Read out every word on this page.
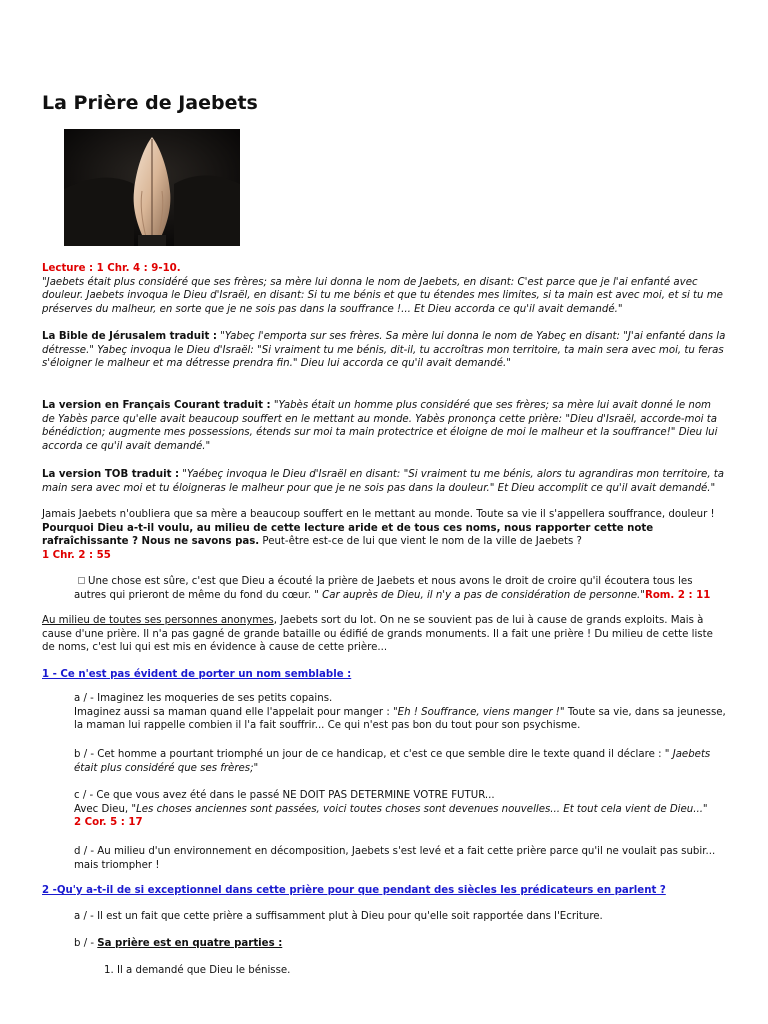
La Prière de Jaebets

Lecture : 1 Chr. 4 : 9-10.
"Jaebets était plus considéré que ses frères; sa mère lui donna le nom de Jaebets, en disant: C'est parce que je l'ai enfanté avec douleur. Jaebets invoqua le Dieu d'Israël, en disant: Si tu me bénis et que tu étendes mes limites, si ta main est avec moi, et si tu me préserves du malheur, en sorte que je ne sois pas dans la souffrance !... Et Dieu accorda ce qu'il avait demandé."

La Bible de Jérusalem traduit : "Yabeç l'emporta sur ses frères. Sa mère lui donna le nom de Yabeç en disant: "J'ai enfanté dans la détresse." Yabeç invoqua le Dieu d'Israël: "Si vraiment tu me bénis, dit-il, tu accroîtras mon territoire, ta main sera avec moi, tu feras s'éloigner le malheur et ma détresse prendra fin." Dieu lui accorda ce qu'il avait demandé."

La version en Français Courant traduit : "Yabès était un homme plus considéré que ses frères; sa mère lui avait donné le nom de Yabès parce qu'elle avait beaucoup souffert en le mettant au monde. Yabès prononça cette prière: "Dieu d'Israël, accorde-moi ta bénédiction; augmente mes possessions, étends sur moi ta main protectrice et éloigne de moi le malheur et la souffrance!" Dieu lui accorda ce qu'il avait demandé."

La version TOB traduit : "Yaébeç invoqua le Dieu d'Israël en disant: "Si vraiment tu me bénis, alors tu agrandiras mon territoire, ta main sera avec moi et tu éloigneras le malheur pour que je ne sois pas dans la douleur." Et Dieu accomplit ce qu'il avait demandé."

Jamais Jaebets n'oubliera que sa mère a beaucoup souffert en le mettant au monde. Toute sa vie il s'appellera souffrance, douleur !
Pourquoi Dieu a-t-il voulu, au milieu de cette lecture aride et de tous ces noms, nous rapporter cette note rafraîchissante ? Nous ne savons pas. Peut-être est-ce de lui que vient le nom de la ville de Jaebets ?
1 Chr. 2 : 55

Une chose est sûre, c'est que Dieu a écouté la prière de Jaebets et nous avons le droit de croire qu'il écoutera tous les autres qui prieront de même du fond du cœur. " Car auprès de Dieu, il n'y a pas de considération de personne."Rom. 2 : 11

Au milieu de toutes ses personnes anonymes, Jaebets sort du lot. On ne se souvient pas de lui à cause de grands exploits. Mais à cause d'une prière. Il n'a pas gagné de grande bataille ou édifié de grands monuments. Il a fait une prière ! Du milieu de cette liste de noms, c'est lui qui est mis en évidence à cause de cette prière...

1 - Ce n'est pas évident de porter un nom semblable :

a / - Imaginez les moqueries de ses petits copains.
Imaginez aussi sa maman quand elle l'appelait pour manger : "Eh ! Souffrance, viens manger !" Toute sa vie, dans sa jeunesse, la maman lui rappelle combien il l'a fait souffrir... Ce qui n'est pas bon du tout pour son psychisme.

b / - Cet homme a pourtant triomphé un jour de ce handicap, et c'est ce que semble dire le texte quand il déclare : " Jaebets était plus considéré que ses frères;"

c / - Ce que vous avez été dans le passé NE DOIT PAS DETERMINE VOTRE FUTUR...
Avec Dieu, "Les choses anciennes sont passées, voici toutes choses sont devenues nouvelles... Et tout cela vient de Dieu..."
2 Cor. 5 : 17

d / - Au milieu d'un environnement en décomposition, Jaebets s'est levé et a fait cette prière parce qu'il ne voulait pas subir... mais triompher !

2 -Qu'y a-t-il de si exceptionnel dans cette prière pour que pendant des siècles les prédicateurs en parlent ?

a / - Il est un fait que cette prière a suffisamment plut à Dieu pour qu'elle soit rapportée dans l'Ecriture.

b / - Sa prière est en quatre parties :

1. Il a demandé que Dieu le bénisse.
